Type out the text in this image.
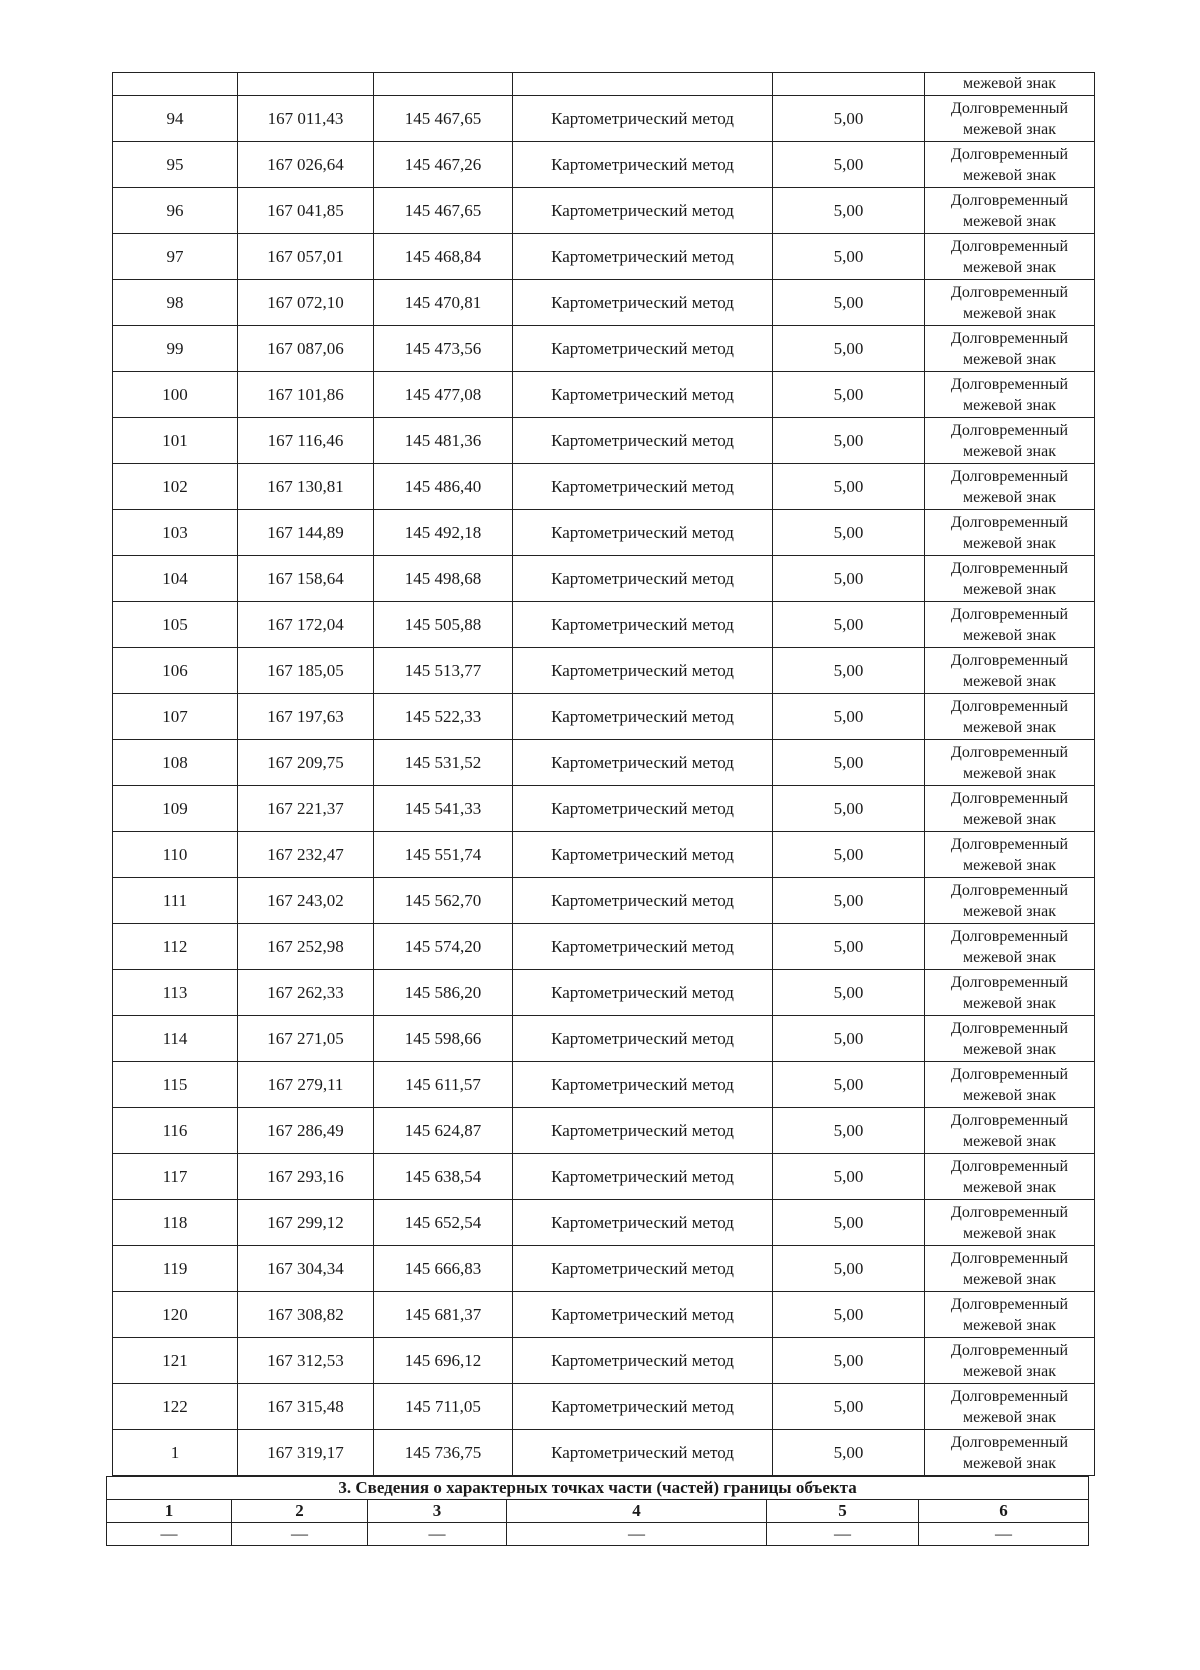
					межевой знак
94	167 011,43	145 467,65	Картометрический метод	5,00	Долговременный
межевой знак

95	167 026,64	145 467,26	Картометрический метод	5,00	Долговременный
межевой знак

96	167 041,85	145 467,65	Картометрический метод	5,00	Долговременный
межевой знак

97	167 057,01	145 468,84	Картометрический метод	5,00	Долговременный
межевой знак

98	167 072,10	145 470,81	Картометрический метод	5,00	Долговременный
межевой знак

99	167 087,06	145 473,56	Картометрический метод	5,00	Долговременный
межевой знак

100	167 101,86	145 477,08	Картометрический метод	5,00	Долговременный
межевой знак

101	167 116,46	145 481,36	Картометрический метод	5,00	Долговременный
межевой знак

102	167 130,81	145 486,40	Картометрический метод	5,00	Долговременный
межевой знак

103	167 144,89	145 492,18	Картометрический метод	5,00	Долговременный
межевой знак

104	167 158,64	145 498,68	Картометрический метод	5,00	Долговременный
межевой знак

105	167 172,04	145 505,88	Картометрический метод	5,00	Долговременный
межевой знак

106	167 185,05	145 513,77	Картометрический метод	5,00	Долговременный
межевой знак

107	167 197,63	145 522,33	Картометрический метод	5,00	Долговременный
межевой знак

108	167 209,75	145 531,52	Картометрический метод	5,00	Долговременный
межевой знак

109	167 221,37	145 541,33	Картометрический метод	5,00	Долговременный
межевой знак

110	167 232,47	145 551,74	Картометрический метод	5,00	Долговременный
межевой знак

111	167 243,02	145 562,70	Картометрический метод	5,00	Долговременный
межевой знак

112	167 252,98	145 574,20	Картометрический метод	5,00	Долговременный
межевой знак

113	167 262,33	145 586,20	Картометрический метод	5,00	Долговременный
межевой знак

114	167 271,05	145 598,66	Картометрический метод	5,00	Долговременный
межевой знак

115	167 279,11	145 611,57	Картометрический метод	5,00	Долговременный
межевой знак

116	167 286,49	145 624,87	Картометрический метод	5,00	Долговременный
межевой знак

117	167 293,16	145 638,54	Картометрический метод	5,00	Долговременный
межевой знак

118	167 299,12	145 652,54	Картометрический метод	5,00	Долговременный
межевой знак

119	167 304,34	145 666,83	Картометрический метод	5,00	Долговременный
межевой знак

120	167 308,82	145 681,37	Картометрический метод	5,00	Долговременный
межевой знак

121	167 312,53	145 696,12	Картометрический метод	5,00	Долговременный
межевой знак

122	167 315,48	145 711,05	Картометрический метод	5,00	Долговременный
межевой знак

1	167 319,17	145 736,75	Картометрический метод	5,00	Долговременный
межевой знак
3. Сведения о характерных точках части (частей) границы объекта					
1	2	3	4	5	6
—	—	—	—	—	—
